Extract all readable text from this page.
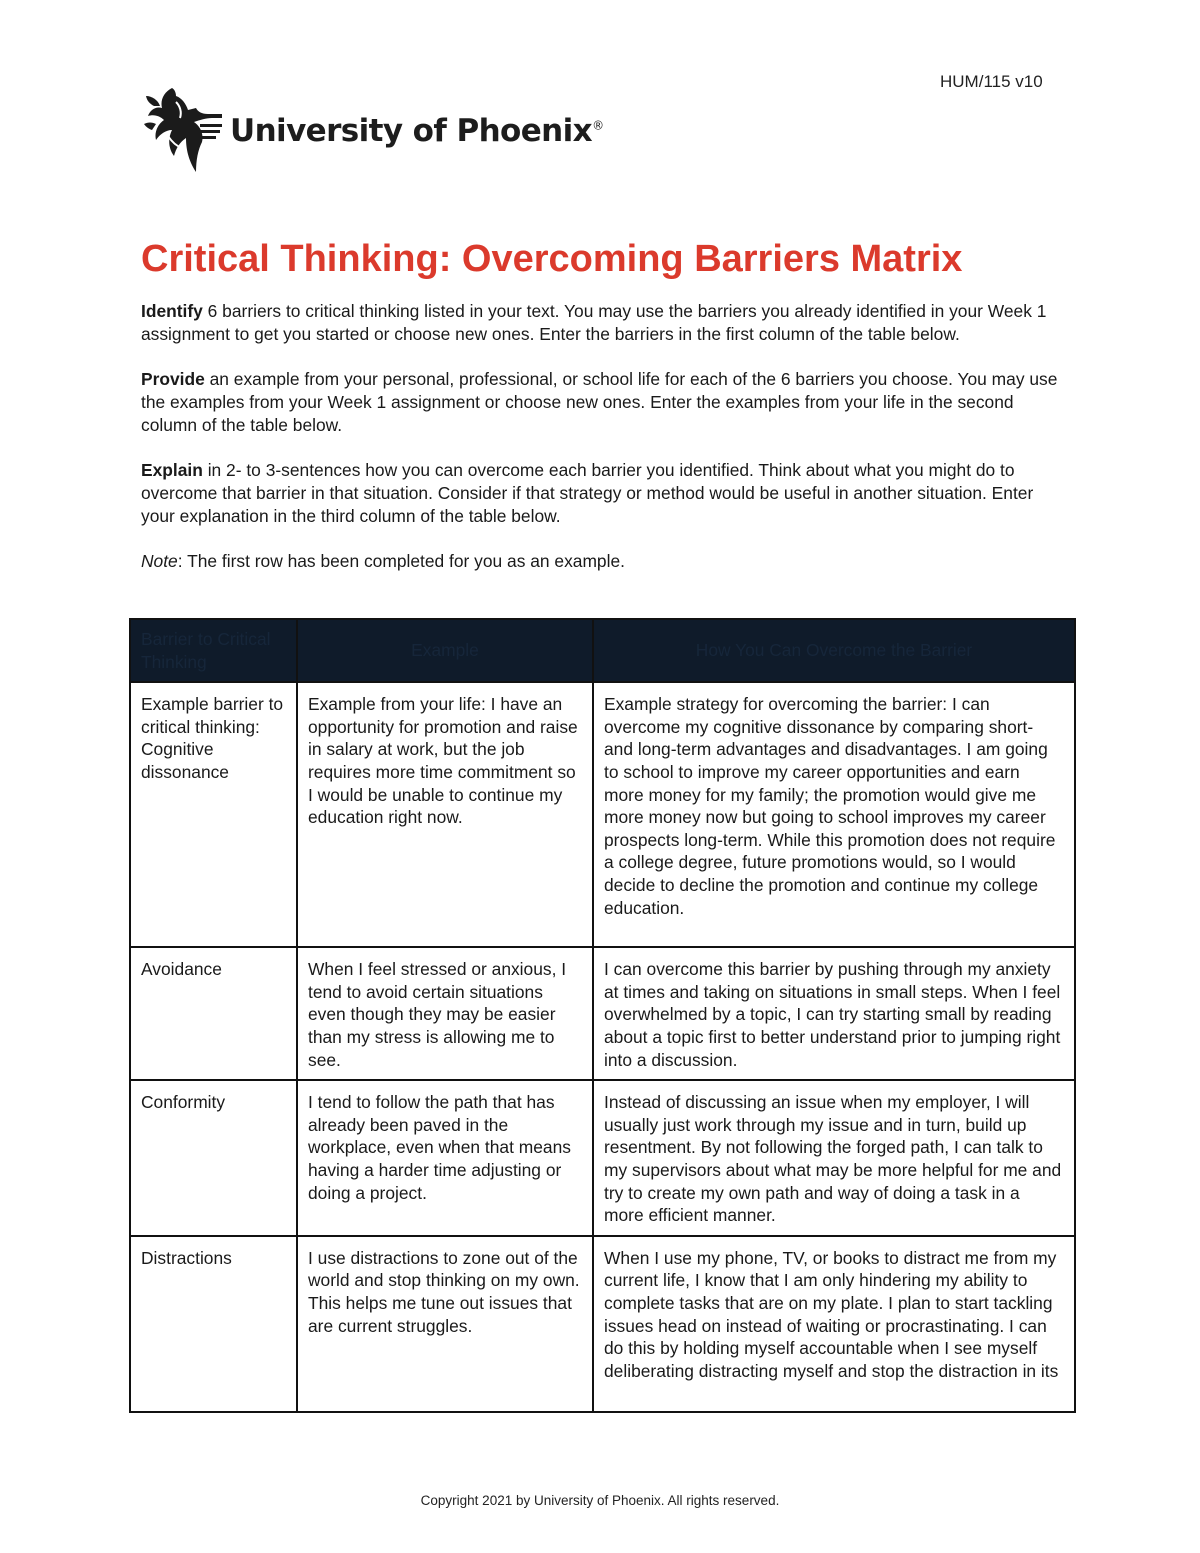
HUM/115 v10
University of Phoenix®
Critical Thinking: Overcoming Barriers Matrix

Identify 6 barriers to critical thinking listed in your text. You may use the barriers you already identified in your Week 1 assignment to get you started or choose new ones. Enter the barriers in the first column of the table below.

Provide an example from your personal, professional, or school life for each of the 6 barriers you choose. You may use the examples from your Week 1 assignment or choose new ones. Enter the examples from your life in the second column of the table below.

Explain in 2- to 3-sentences how you can overcome each barrier you identified. Think about what you might do to overcome that barrier in that situation. Consider if that strategy or method would be useful in another situation. Enter your explanation in the third column of the table below.

Note: The first row has been completed for you as an example.

Barrier to Critical Thinking	Example	How You Can Overcome the Barrier
Example barrier to critical thinking: Cognitive dissonance	Example from your life: I have an opportunity for promotion and raise in salary at work, but the job requires more time commitment so I would be unable to continue my education right now.	Example strategy for overcoming the barrier: I can overcome my cognitive dissonance by comparing short- and long-term advantages and disadvantages. I am going to school to improve my career opportunities and earn more money for my family; the promotion would give me more money now but going to school improves my career prospects long-term. While this promotion does not require a college degree, future promotions would, so I would decide to decline the promotion and continue my college education.
Avoidance	When I feel stressed or anxious, I tend to avoid certain situations even though they may be easier than my stress is allowing me to see.	I can overcome this barrier by pushing through my anxiety at times and taking on situations in small steps. When I feel overwhelmed by a topic, I can try starting small by reading about a topic first to better understand prior to jumping right into a discussion.
Conformity	I tend to follow the path that has already been paved in the workplace, even when that means having a harder time adjusting or doing a project.	Instead of discussing an issue when my employer, I will usually just work through my issue and in turn, build up resentment. By not following the forged path, I can talk to my supervisors about what may be more helpful for me and try to create my own path and way of doing a task in a more efficient manner.
Distractions	I use distractions to zone out of the world and stop thinking on my own. This helps me tune out issues that are current struggles.	When I use my phone, TV, or books to distract me from my current life, I know that I am only hindering my ability to complete tasks that are on my plate. I plan to start tackling issues head on instead of waiting or procrastinating. I can do this by holding myself accountable when I see myself deliberating distracting myself and stop the distraction in its
Copyright 2021 by University of Phoenix. All rights reserved.
